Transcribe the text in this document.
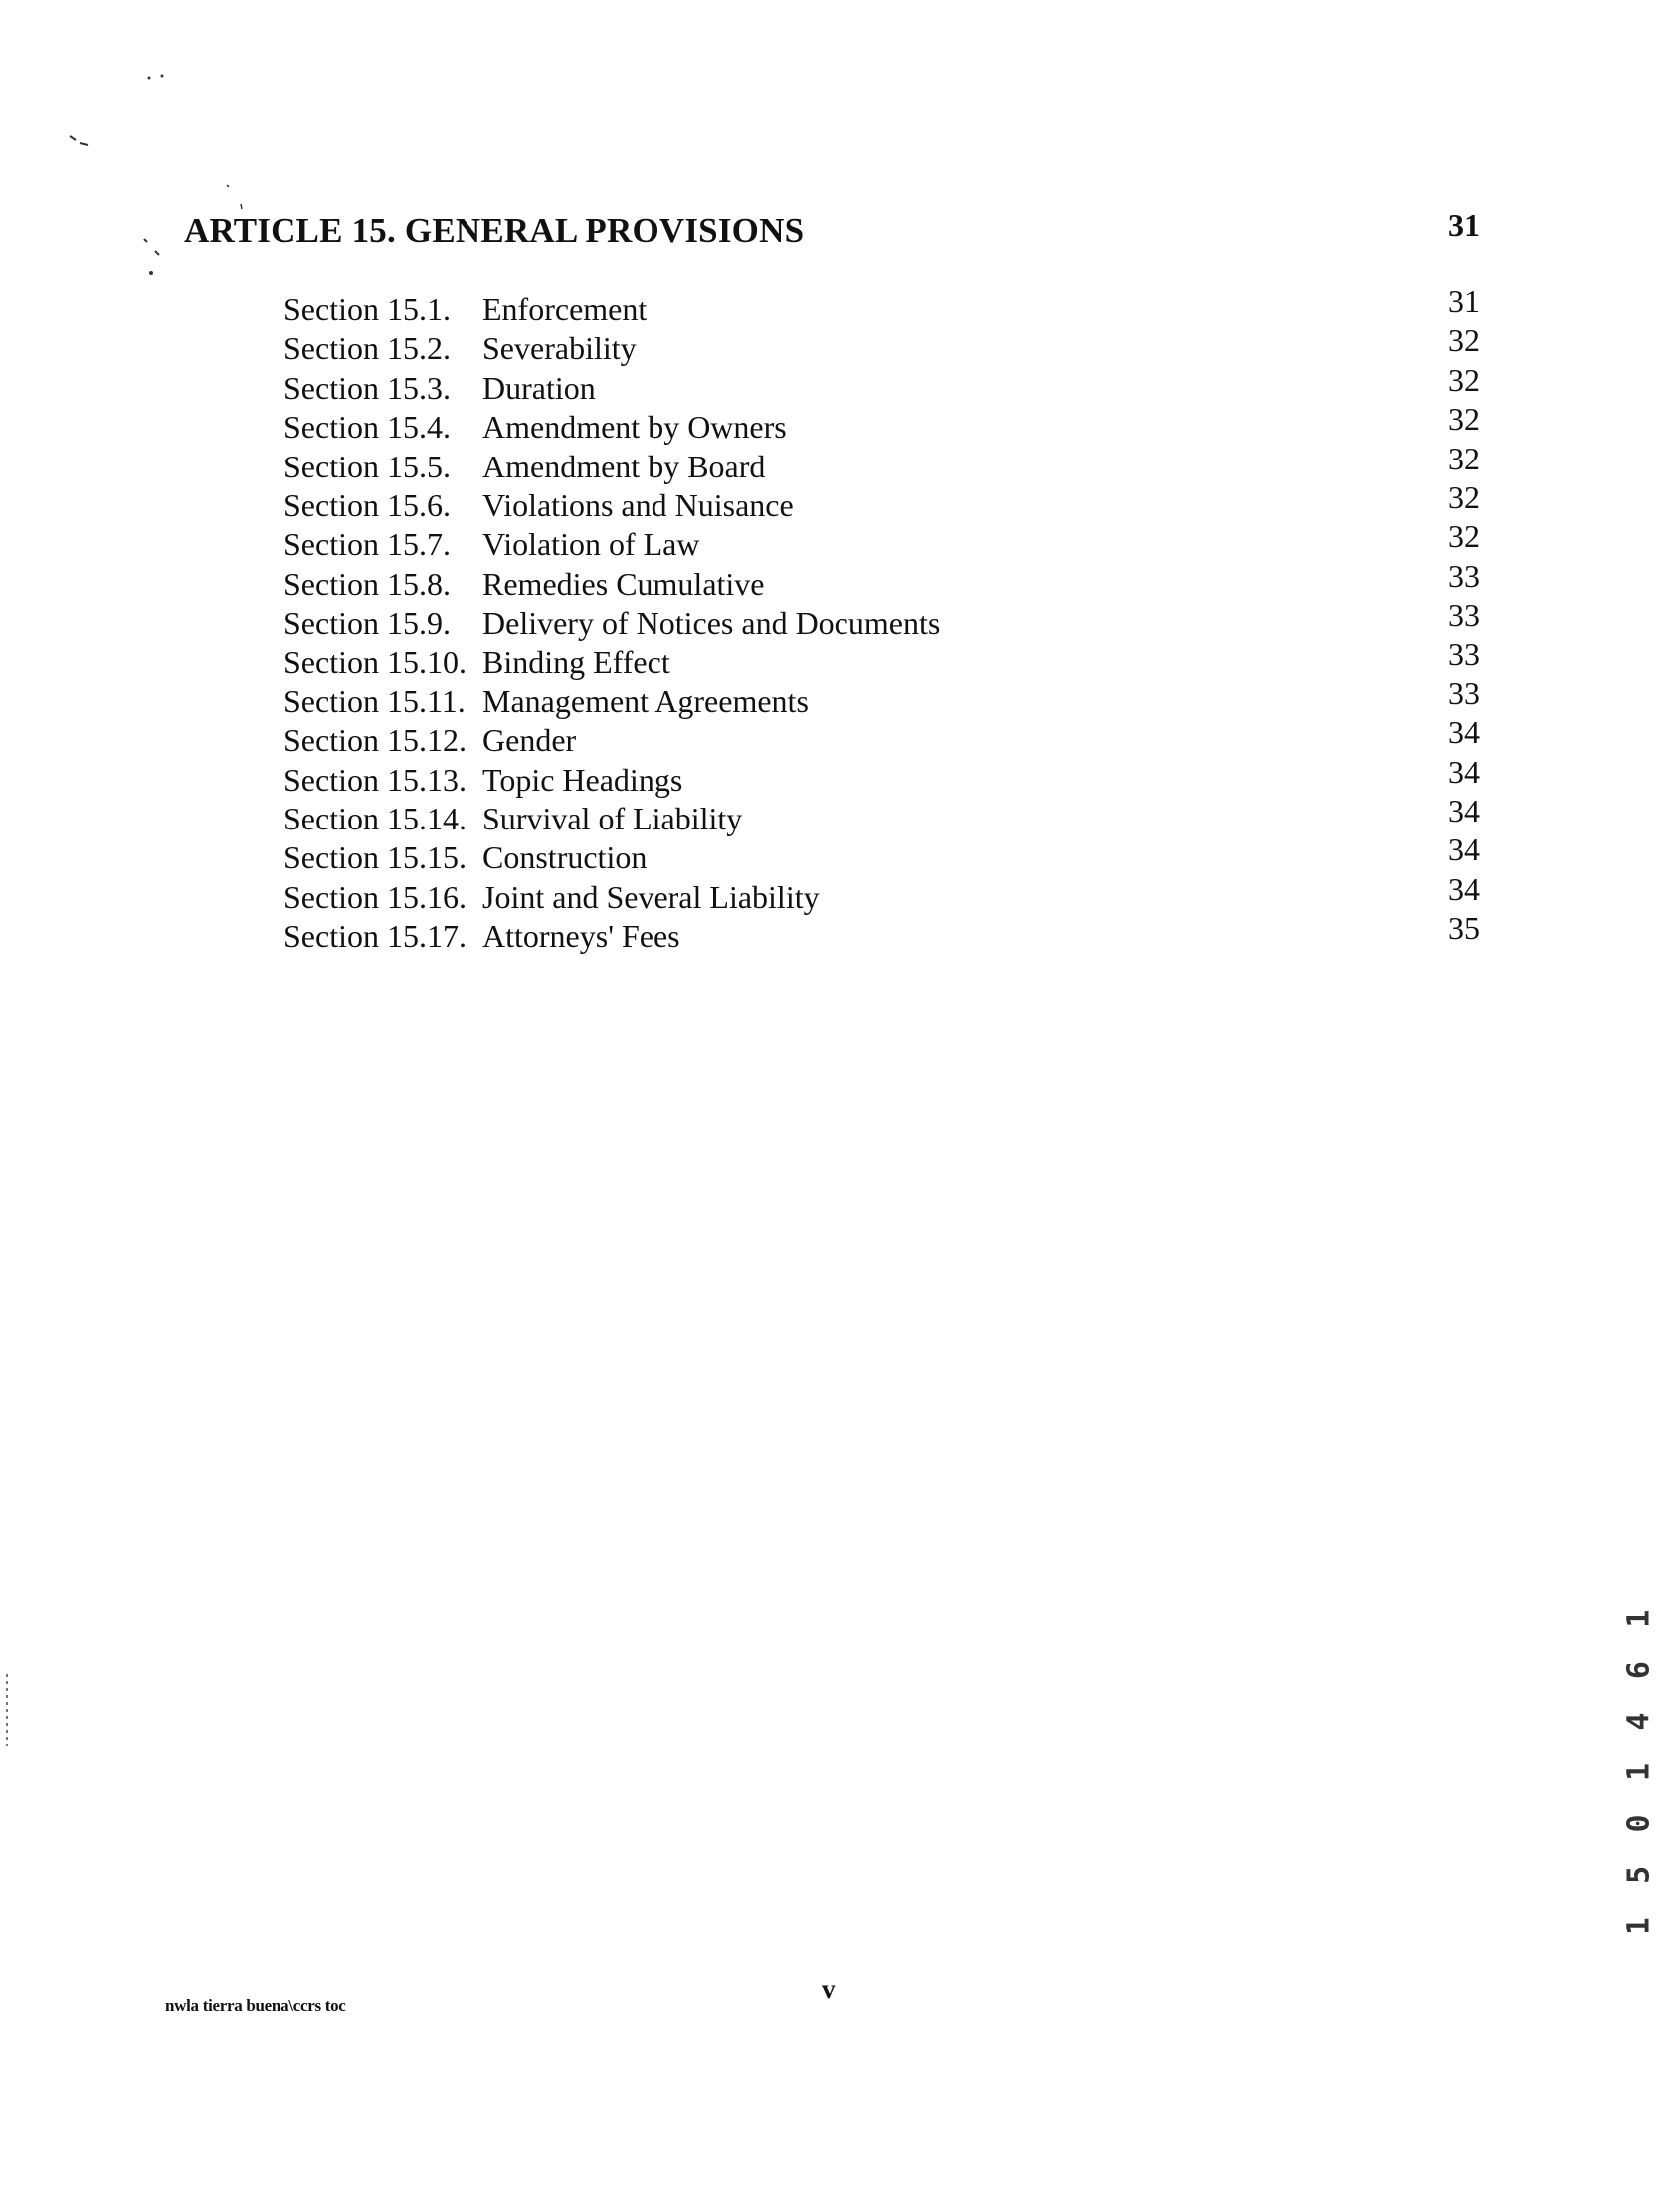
ARTICLE 15. GENERAL PROVISIONS	31
Section 15.1. Enforcement	31
Section 15.2. Severability	32
Section 15.3. Duration	32
Section 15.4. Amendment by Owners	32
Section 15.5. Amendment by Board	32
Section 15.6. Violations and Nuisance	32
Section 15.7. Violation of Law	32
Section 15.8. Remedies Cumulative	33
Section 15.9. Delivery of Notices and Documents	33
Section 15.10. Binding Effect	33
Section 15.11. Management Agreements	33
Section 15.12. Gender	34
Section 15.13. Topic Headings	34
Section 15.14. Survival of Liability	34
Section 15.15. Construction	34
Section 15.16. Joint and Several Liability	34
Section 15.17. Attorneys' Fees	35
1
5
0
1
4
6
1
v
nwla tierra buena\ccrs toc
